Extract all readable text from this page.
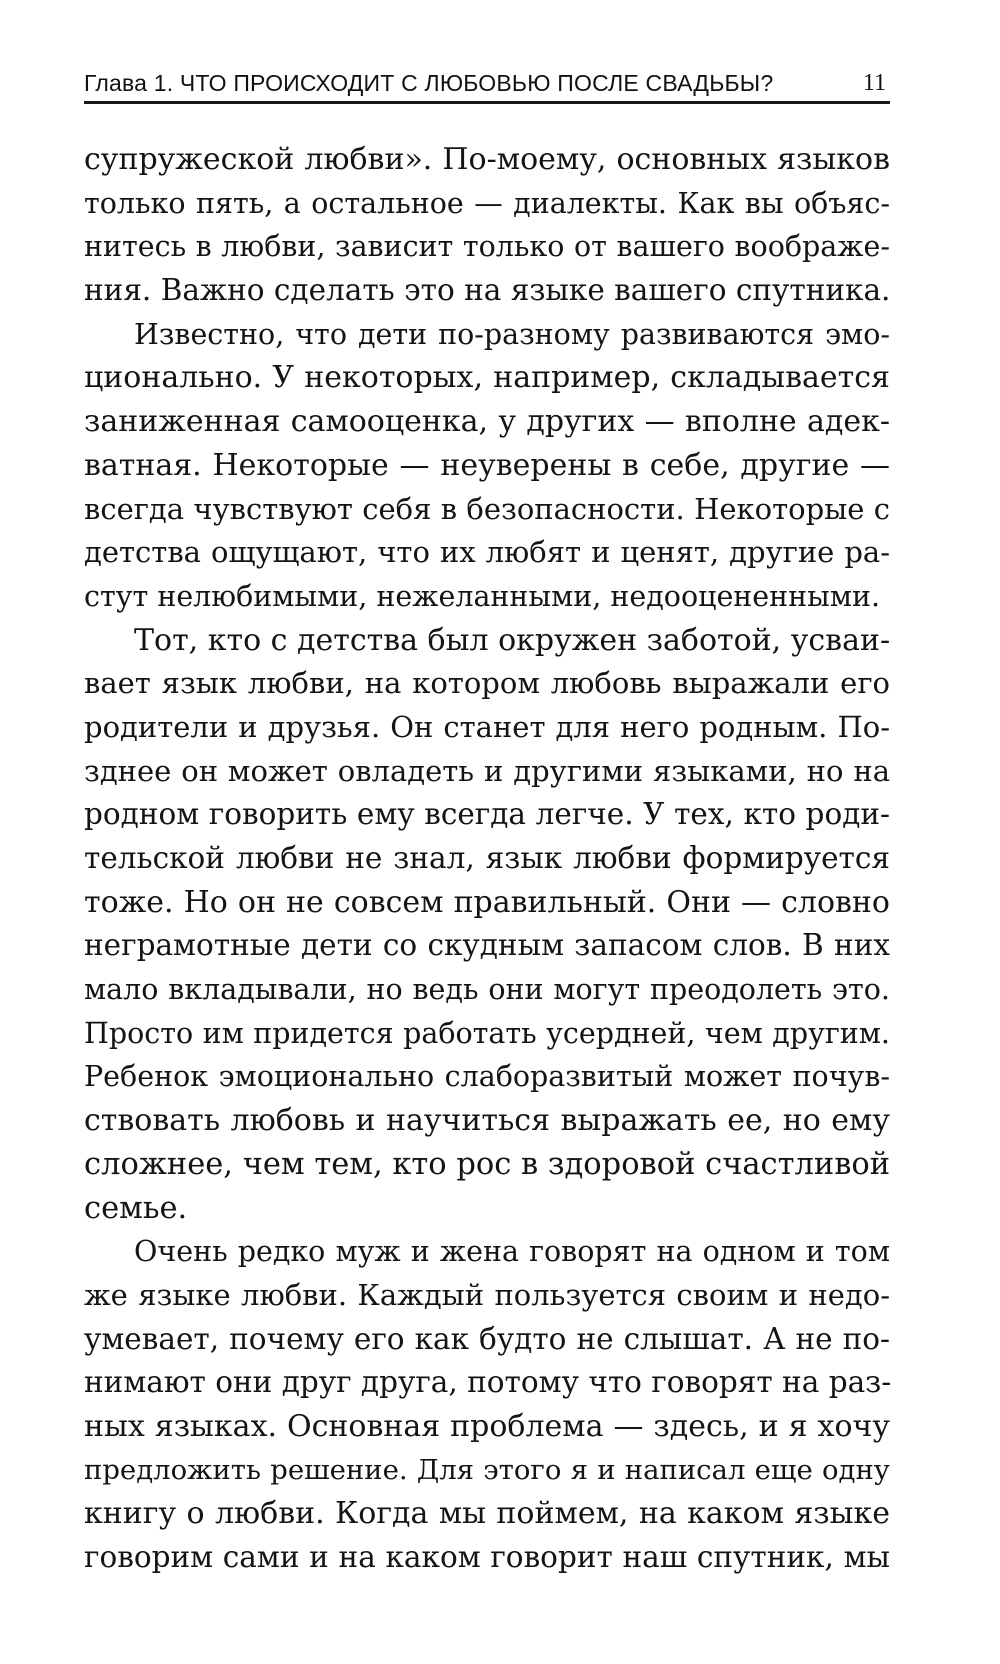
Глава 1. ЧТО ПРОИСХОДИТ С ЛЮБОВЬЮ ПОСЛЕ СВАДЬБЫ?	11
супружеской любви». По-моему, основных языков
только пять, а остальное — диалекты. Как вы объяс-
нитесь в любви, зависит только от вашего воображе-
ния. Важно сделать это на языке вашего спутника.
Известно, что дети по-разному развиваются эмо-
ционально. У некоторых, например, складывается
заниженная самооценка, у других — вполне адек-
ватная. Некоторые — неуверены в себе, другие —
всегда чувствуют себя в безопасности. Некоторые с
детства ощущают, что их любят и ценят, другие ра-
стут нелюбимыми, нежеланными, недооцененными.
Тот, кто с детства был окружен заботой, усваи-
вает язык любви, на котором любовь выражали его
родители и друзья. Он станет для него родным. По-
зднее он может овладеть и другими языками, но на
родном говорить ему всегда легче. У тех, кто роди-
тельской любви не знал, язык любви формируется
тоже. Но он не совсем правильный. Они — словно
неграмотные дети со скудным запасом слов. В них
мало вкладывали, но ведь они могут преодолеть это.
Просто им придется работать усердней, чем другим.
Ребенок эмоционально слаборазвитый может почув-
ствовать любовь и научиться выражать ее, но ему
сложнее, чем тем, кто рос в здоровой счастливой
семье.
Очень редко муж и жена говорят на одном и том
же языке любви. Каждый пользуется своим и недо-
умевает, почему его как будто не слышат. А не по-
нимают они друг друга, потому что говорят на раз-
ных языках. Основная проблема — здесь, и я хочу
предложить решение. Для этого я и написал еще одну
книгу о любви. Когда мы поймем, на каком языке
говорим сами и на каком говорит наш спутник, мы
